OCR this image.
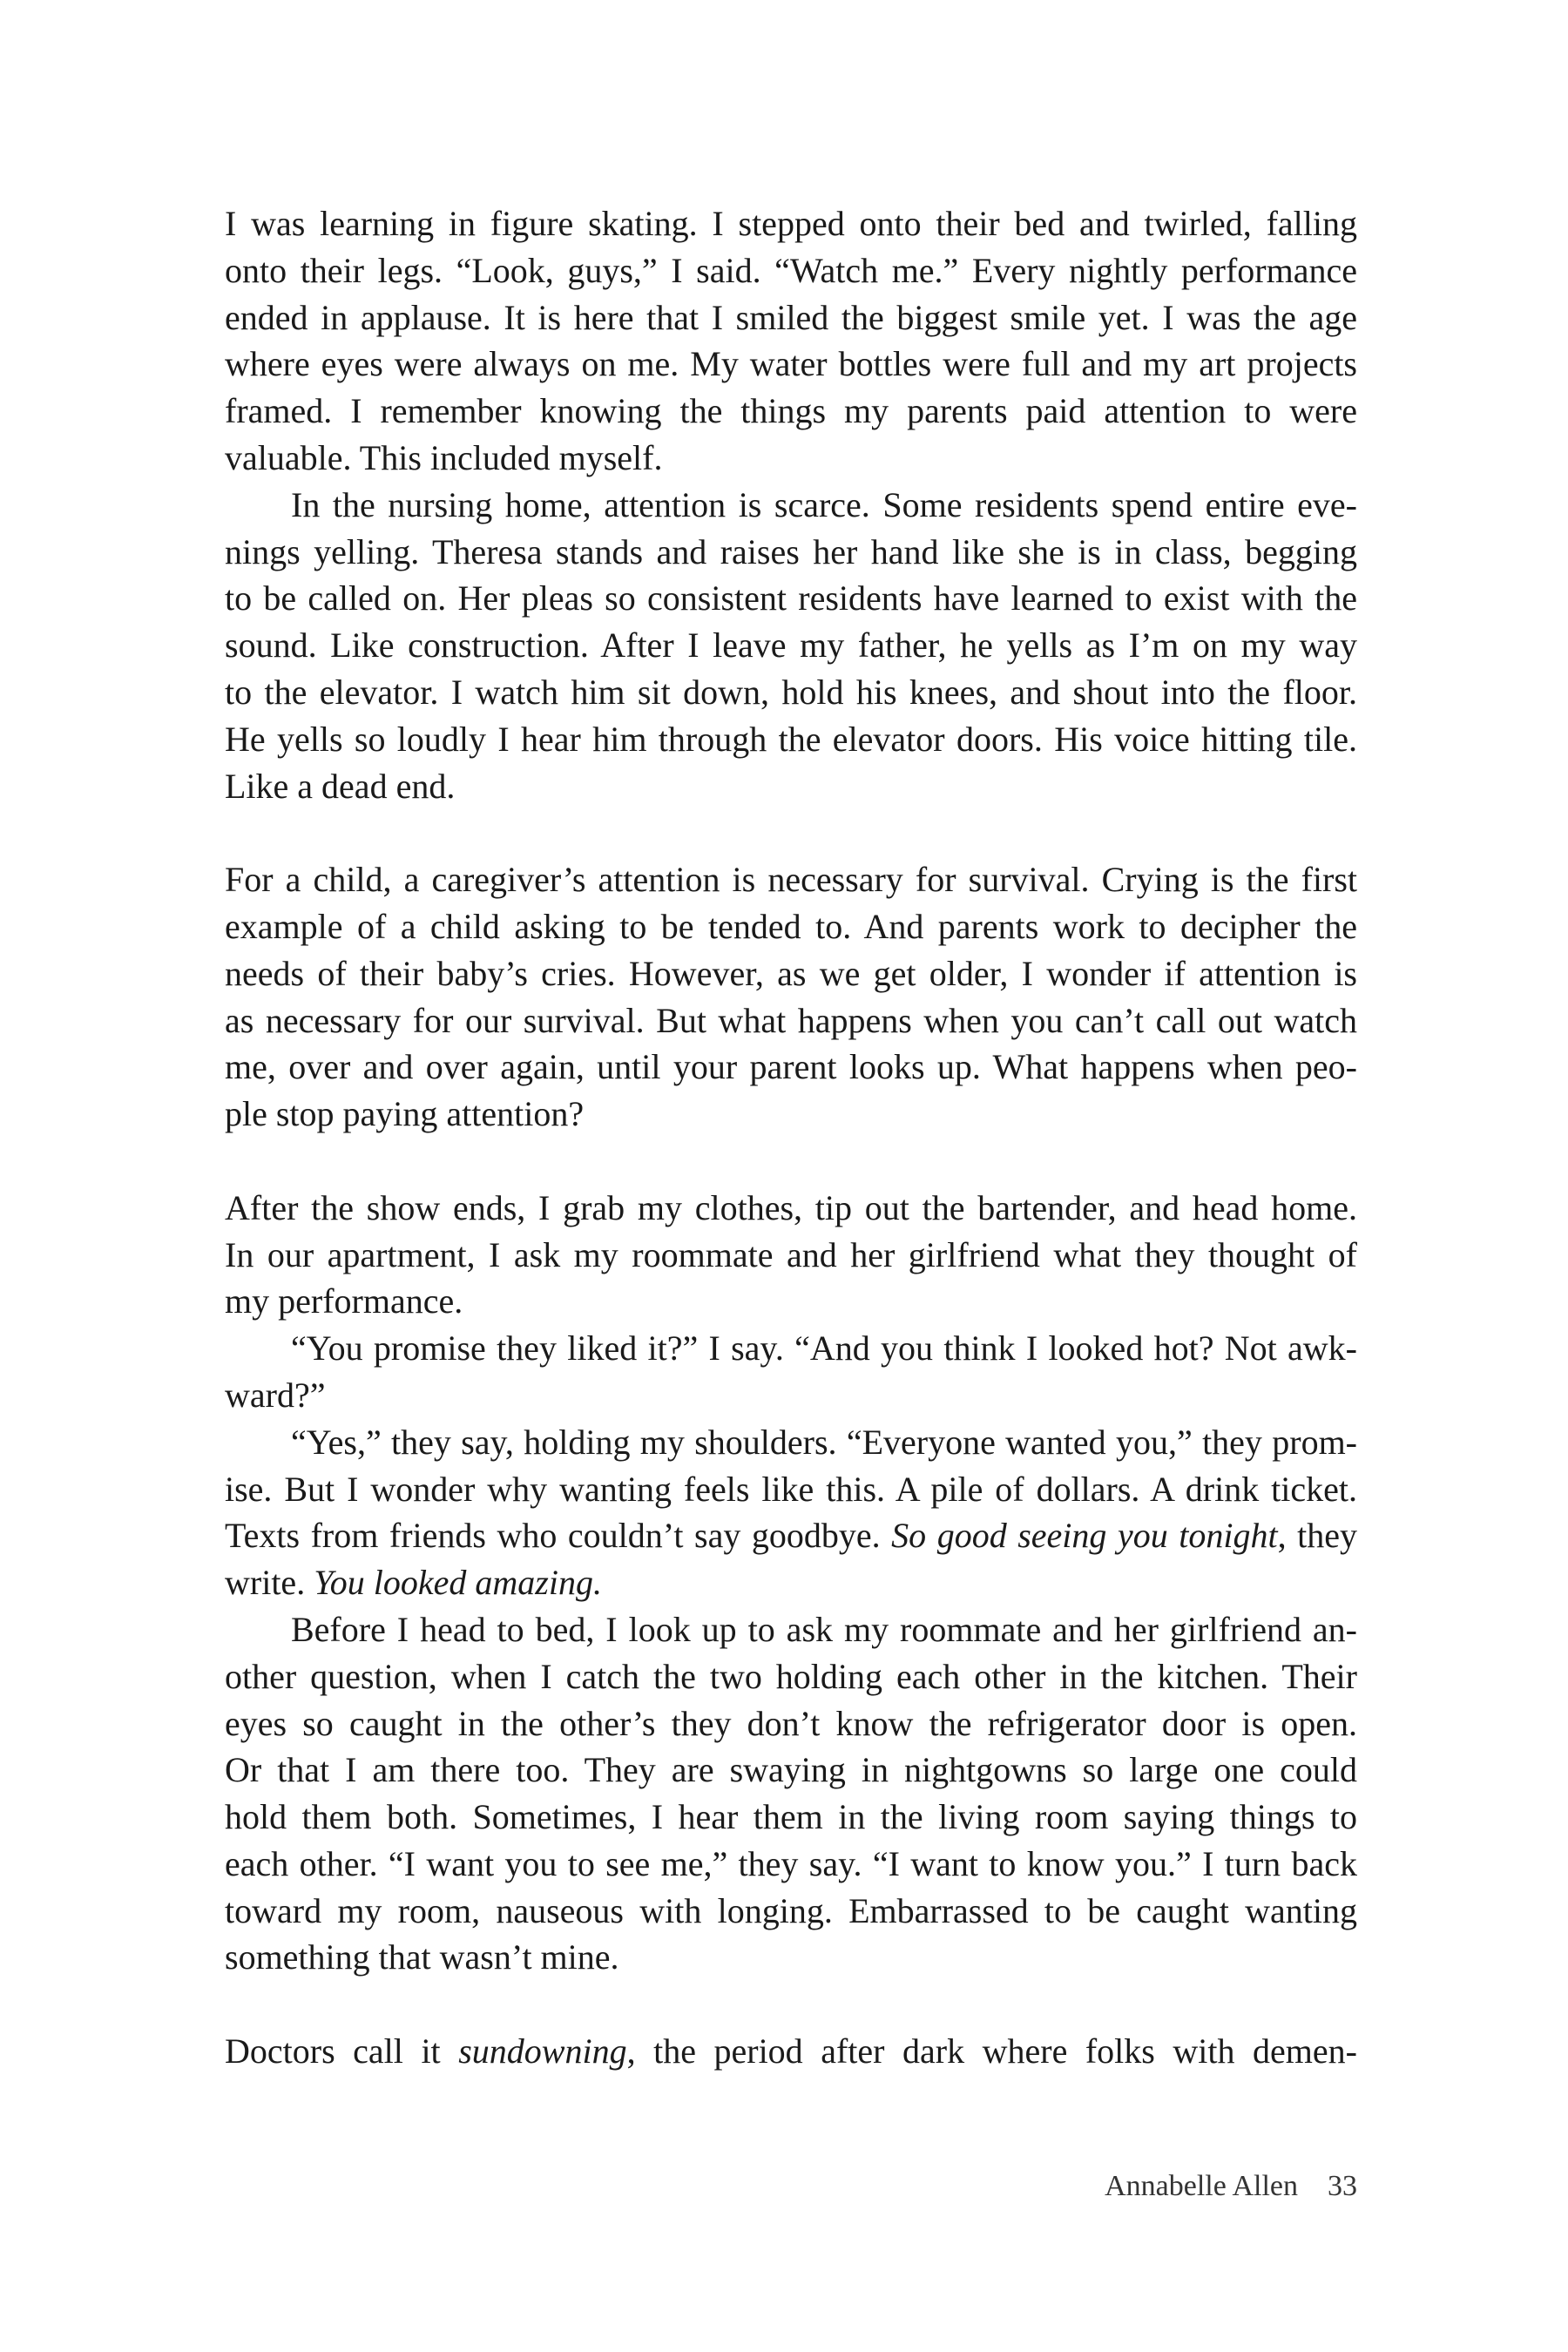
I was learning in figure skating. I stepped onto their bed and twirled, falling
onto their legs. “Look, guys,” I said. “Watch me.” Every nightly performance
ended in applause. It is here that I smiled the biggest smile yet. I was the age
where eyes were always on me. My water bottles were full and my art projects
framed. I remember knowing the things my parents paid attention to were
valuable. This included myself.
In the nursing home, attention is scarce. Some residents spend entire eve-
nings yelling. Theresa stands and raises her hand like she is in class, begging
to be called on. Her pleas so consistent residents have learned to exist with the
sound. Like construction. After I leave my father, he yells as I’m on my way
to the elevator. I watch him sit down, hold his knees, and shout into the floor.
He yells so loudly I hear him through the elevator doors. His voice hitting tile.
Like a dead end.
For a child, a caregiver’s attention is necessary for survival. Crying is the first
example of a child asking to be tended to. And parents work to decipher the
needs of their baby’s cries. However, as we get older, I wonder if attention is
as necessary for our survival. But what happens when you can’t call out watch
me, over and over again, until your parent looks up. What happens when peo-
ple stop paying attention?
After the show ends, I grab my clothes, tip out the bartender, and head home.
In our apartment, I ask my roommate and her girlfriend what they thought of
my performance.
“You promise they liked it?” I say. “And you think I looked hot? Not awk-
ward?”
“Yes,” they say, holding my shoulders. “Everyone wanted you,” they prom-
ise. But I wonder why wanting feels like this. A pile of dollars. A drink ticket.
Texts from friends who couldn’t say goodbye. So good seeing you tonight, they
write. You looked amazing.
Before I head to bed, I look up to ask my roommate and her girlfriend an-
other question, when I catch the two holding each other in the kitchen. Their
eyes so caught in the other’s they don’t know the refrigerator door is open.
Or that I am there too. They are swaying in nightgowns so large one could
hold them both. Sometimes, I hear them in the living room saying things to
each other. “I want you to see me,” they say. “I want to know you.” I turn back
toward my room, nauseous with longing. Embarrassed to be caught wanting
something that wasn’t mine.
Doctors call it sundowning, the period after dark where folks with demen-
Annabelle Allen 33
